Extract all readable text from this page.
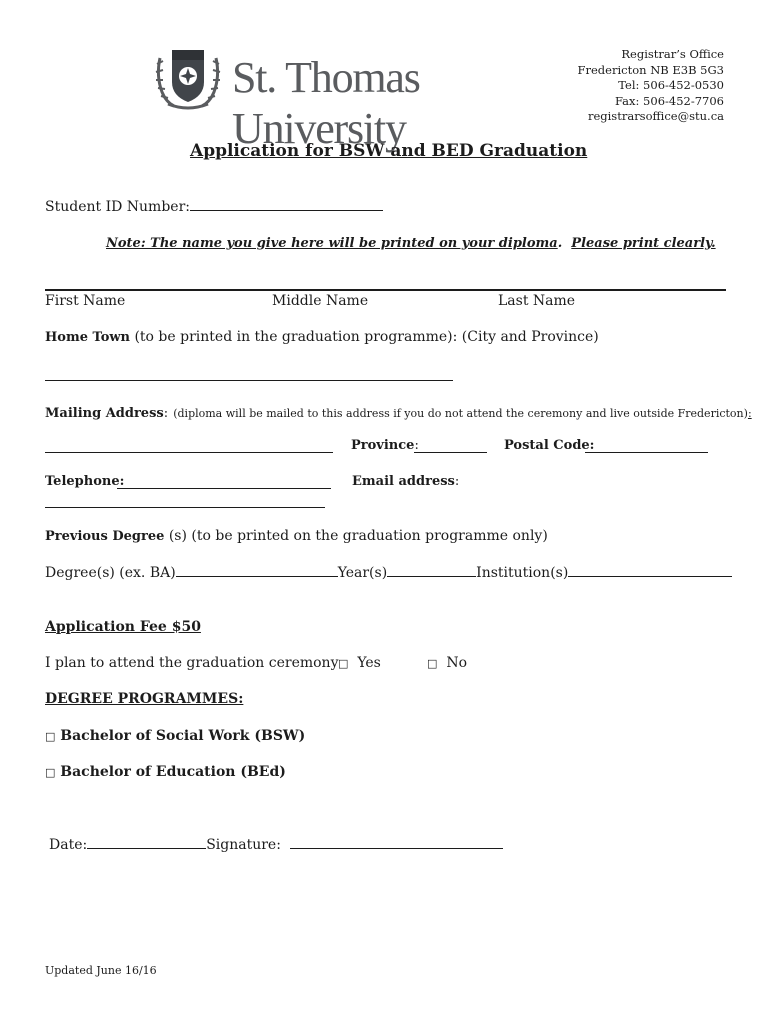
St. Thomas University
Registrar’s Office
Fredericton NB E3B 5G3
Tel: 506-452-0530
Fax: 506-452-7706
registrarsoffice@stu.ca
Application for BSW and BED Graduation
Student ID Number:
Note: The name you give here will be printed on your diploma. Please print clearly.
First Name	Middle Name	Last Name
Home Town (to be printed in the graduation programme): (City and Province)
Mailing Address: (diploma will be mailed to this address if you do not attend the ceremony and live outside Fredericton):
Province:	Postal Code:
Telephone:	Email address:
Previous Degree (s) (to be printed on the graduation programme only)
Degree(s) (ex. BA)	Year(s)	Institution(s)
Application Fee $50
I plan to attend the graduation ceremony □ Yes	□ No
DEGREE PROGRAMMES:
□ Bachelor of Social Work (BSW)
□ Bachelor of Education (BEd)
Date:	Signature:
Updated June 16/16
